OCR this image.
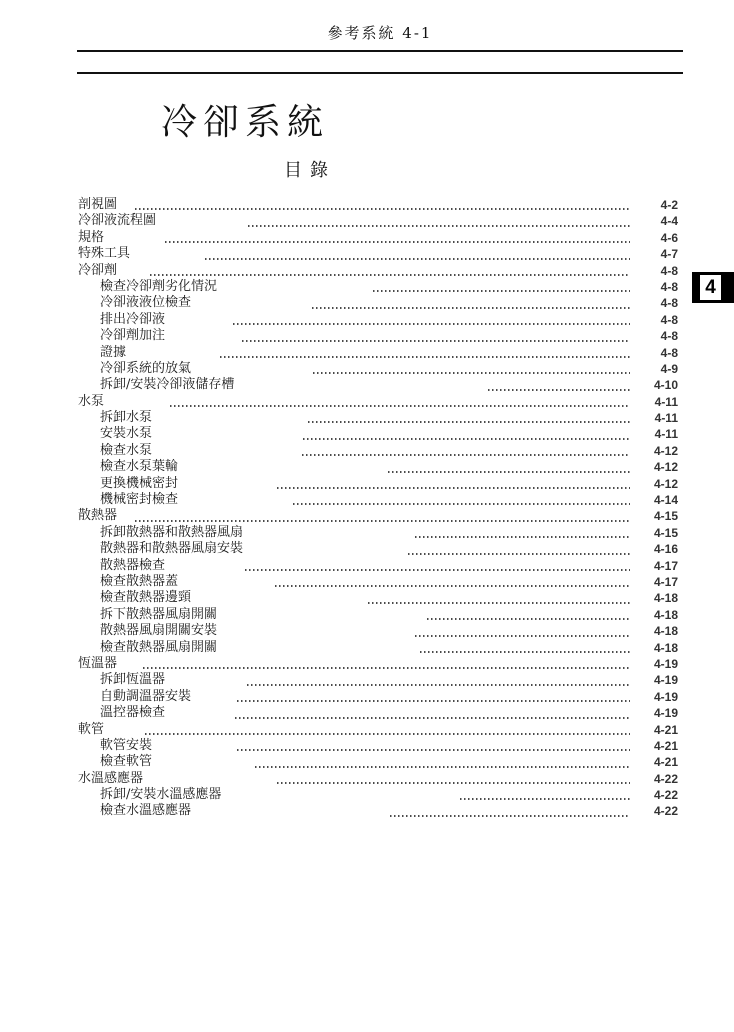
參考系統 4-1
冷卻系統
目錄
4
剖視圖	4-2
冷卻液流程圖	4-4
規格	4-6
特殊工具	4-7
冷卻劑	4-8
檢查冷卻劑劣化情況	4-8
冷卻液液位檢查	4-8
排出冷卻液	4-8
冷卻劑加注	4-8
證據	4-8
冷卻系統的放氣	4-9
拆卸/安裝冷卻液儲存槽	4-10
水泵	4-11
拆卸水泵	4-11
安裝水泵	4-11
檢查水泵	4-12
檢查水泵葉輪	4-12
更換機械密封	4-12
機械密封檢查	4-14
散熱器	4-15
拆卸散熱器和散熱器風扇	4-15
散熱器和散熱器風扇安裝	4-16
散熱器檢查	4-17
檢查散熱器蓋	4-17
檢查散熱器邊頸	4-18
拆下散熱器風扇開關	4-18
散熱器風扇開關安裝	4-18
檢查散熱器風扇開關	4-18
恆溫器	4-19
拆卸恆溫器	4-19
自動調溫器安裝	4-19
溫控器檢查	4-19
軟管	4-21
軟管安裝	4-21
檢查軟管	4-21
水溫感應器	4-22
拆卸/安裝水溫感應器	4-22
檢查水溫感應器	4-22
